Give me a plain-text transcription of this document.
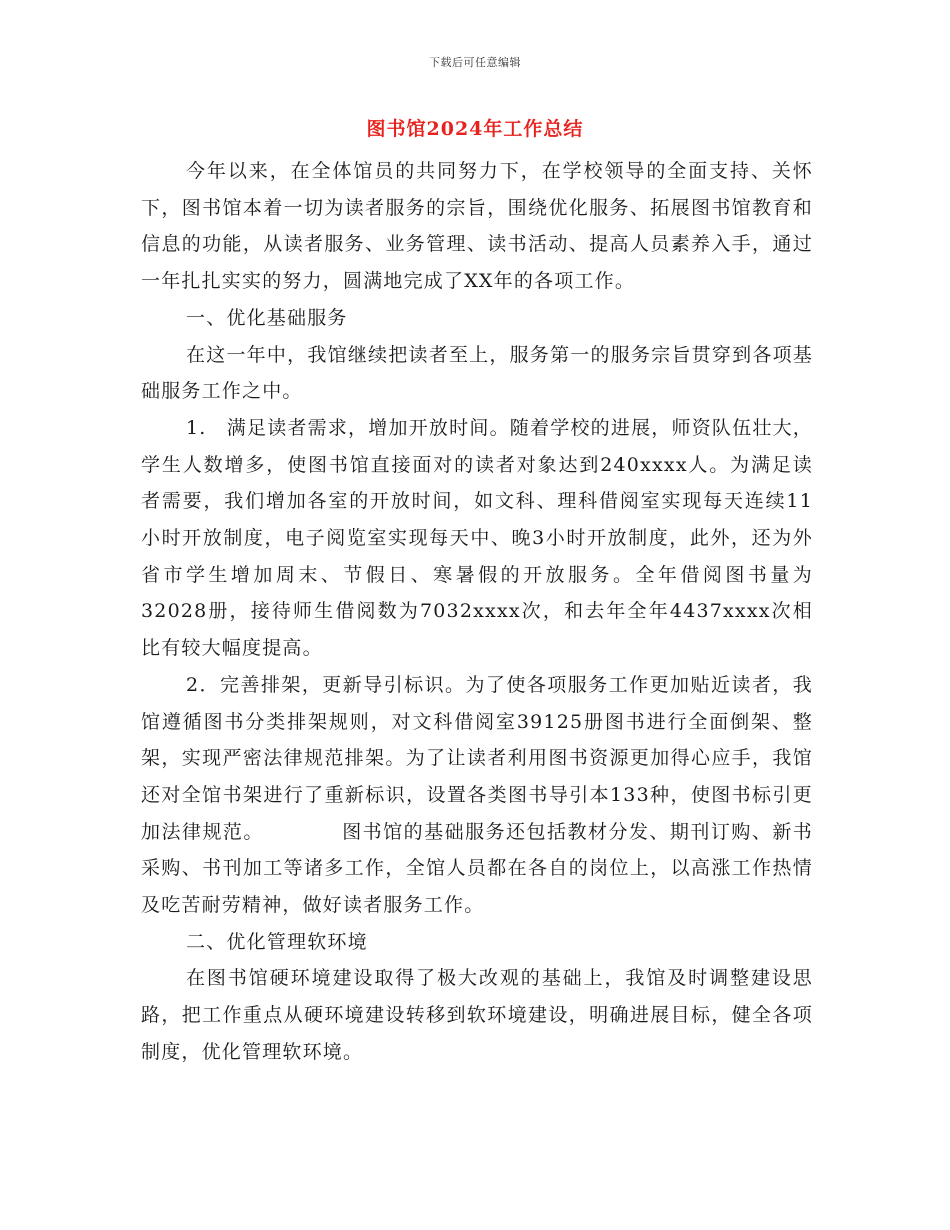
下载后可任意编辑
图书馆2024年工作总结

今年以来，在全体馆员的共同努力下，在学校领导的全面支持、关怀下，图书馆本着一切为读者服务的宗旨，围绕优化服务、拓展图书馆教育和信息的功能，从读者服务、业务管理、读书活动、提高人员素养入手，通过一年扎扎实实的努力，圆满地完成了XX年的各项工作。

一、优化基础服务

在这一年中，我馆继续把读者至上，服务第一的服务宗旨贯穿到各项基础服务工作之中。

1.　满足读者需求，增加开放时间。随着学校的进展，师资队伍壮大，学生人数增多，使图书馆直接面对的读者对象达到240xxxx人。为满足读者需要，我们增加各室的开放时间，如文科、理科借阅室实现每天连续11小时开放制度，电子阅览室实现每天中、晚3小时开放制度，此外，还为外省市学生增加周末、节假日、寒暑假的开放服务。全年借阅图书量为32028册，接待师生借阅数为7032xxxx次，和去年全年4437xxxx次相比有较大幅度提高。

2．完善排架，更新导引标识。为了使各项服务工作更加贴近读者，我馆遵循图书分类排架规则，对文科借阅室39125册图书进行全面倒架、整架，实现严密法律规范排架。为了让读者利用图书资源更加得心应手，我馆还对全馆书架进行了重新标识，设置各类图书导引本133种，使图书标引更加法律规范。	图书馆的基础服务还包括教材分发、期刊订购、新书采购、书刊加工等诸多工作，全馆人员都在各自的岗位上，以高涨工作热情及吃苦耐劳精神，做好读者服务工作。

二、优化管理软环境

在图书馆硬环境建设取得了极大改观的基础上，我馆及时调整建设思路，把工作重点从硬环境建设转移到软环境建设，明确进展目标，健全各项制度，优化管理软环境。
